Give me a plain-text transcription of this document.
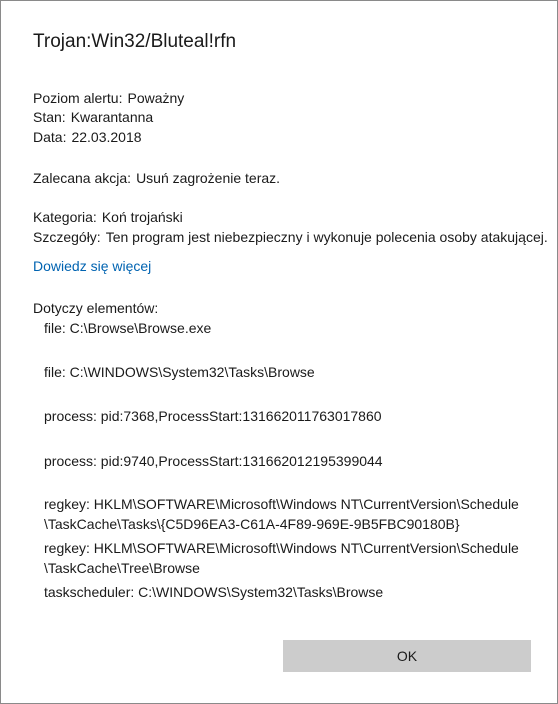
Trojan:Win32/Bluteal!rfn
Poziom alertu: Poważny
Stan: Kwarantanna
Data: 22.03.2018
Zalecana akcja: Usuń zagrożenie teraz.
Kategoria: Koń trojański
Szczegóły: Ten program jest niebezpieczny i wykonuje polecenia osoby atakującej.
Dowiedz się więcej
Dotyczy elementów:
file: C:\Browse\Browse.exe
file: C:\WINDOWS\System32\Tasks\Browse
process: pid:7368,ProcessStart:131662011763017860
process: pid:9740,ProcessStart:131662012195399044
regkey: HKLM\SOFTWARE\Microsoft\Windows NT\CurrentVersion\Schedule
\TaskCache\Tasks\{C5D96EA3-C61A-4F89-969E-9B5FBC90180B}
regkey: HKLM\SOFTWARE\Microsoft\Windows NT\CurrentVersion\Schedule
\TaskCache\Tree\Browse
taskscheduler: C:\WINDOWS\System32\Tasks\Browse
OK
